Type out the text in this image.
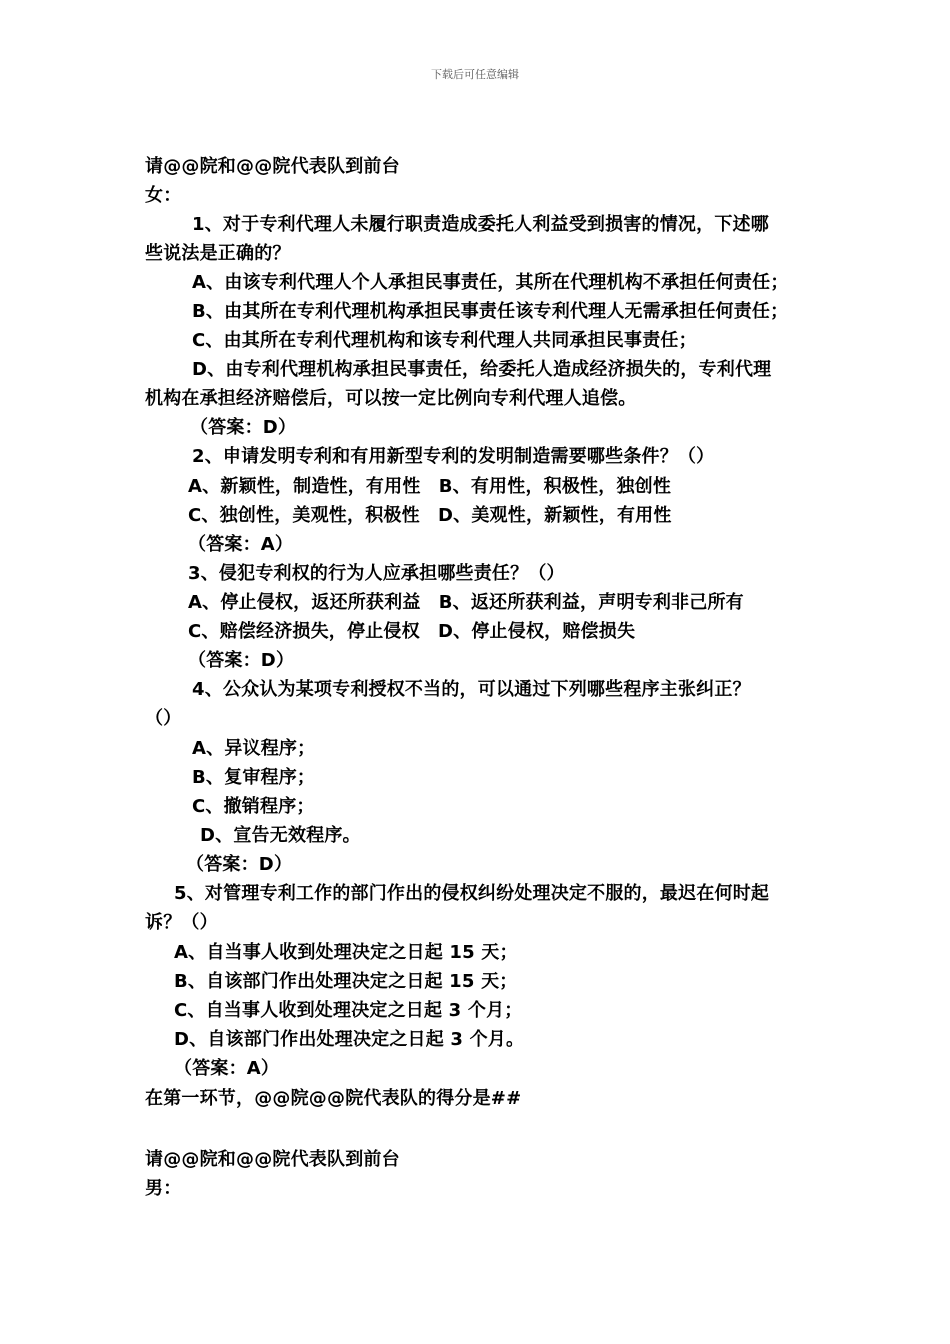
下载后可任意编辑
请@@院和@@院代表队到前台
女：
1、对于专利代理人未履行职责造成委托人利益受到损害的情况，下述哪
些说法是正确的？
A、由该专利代理人个人承担民事责任，其所在代理机构不承担任何责任；
B、由其所在专利代理机构承担民事责任该专利代理人无需承担任何责任；
C、由其所在专利代理机构和该专利代理人共同承担民事责任；
D、由专利代理机构承担民事责任，给委托人造成经济损失的，专利代理
机构在承担经济赔偿后，可以按一定比例向专利代理人追偿。
（答案：D）
2、申请发明专利和有用新型专利的发明制造需要哪些条件？（）
A、新颖性，制造性，有用性　B、有用性，积极性，独创性
C、独创性，美观性，积极性　D、美观性，新颖性，有用性
（答案：A）
3、侵犯专利权的行为人应承担哪些责任？（）
A、停止侵权，返还所获利益　B、返还所获利益，声明专利非己所有
C、赔偿经济损失，停止侵权　D、停止侵权，赔偿损失
（答案：D）
4、公众认为某项专利授权不当的，可以通过下列哪些程序主张纠正？
（）
A、异议程序；
B、复审程序；
C、撤销程序；
D、宣告无效程序。
（答案：D）
5、对管理专利工作的部门作出的侵权纠纷处理决定不服的，最迟在何时起
诉？（）
A、自当事人收到处理决定之日起 15 天；
B、自该部门作出处理决定之日起 15 天；
C、自当事人收到处理决定之日起 3 个月；
D、自该部门作出处理决定之日起 3 个月。
（答案：A）
在第一环节，@@院@@院代表队的得分是##
请@@院和@@院代表队到前台
男：
